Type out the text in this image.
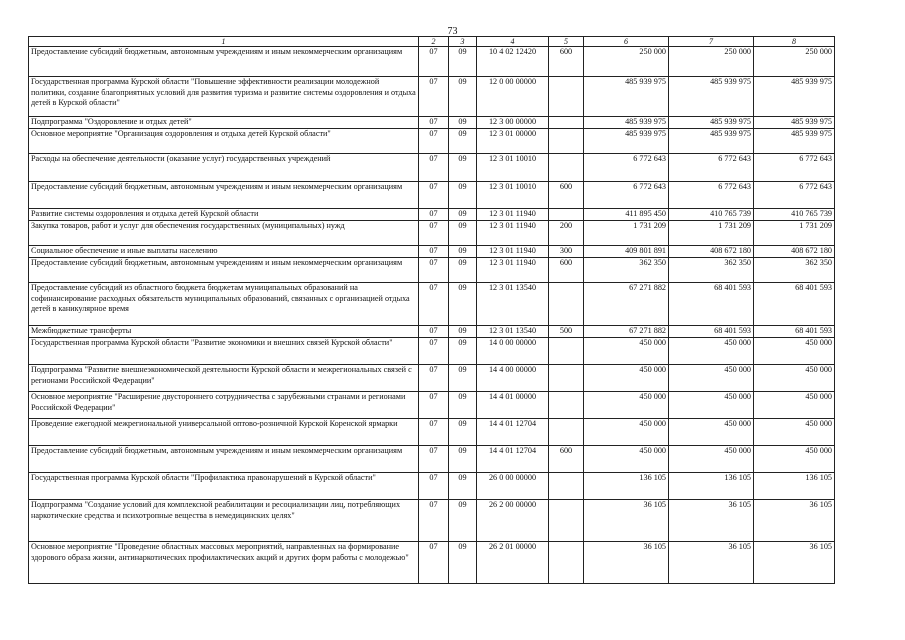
73
1	2	3	4	5	6	7	8
Предоставление субсидий бюджетным, автономным учреждениям и иным некоммерческим организациям	07	09	10 4 02 12420	600	250 000	250 000	250 000
Государственная программа Курской области "Повышение эффективности реализации молодежной политики, создание благоприятных условий для развития туризма и развитие системы оздоровления и отдыха детей в Курской области"	07	09	12 0 00 00000		485 939 975	485 939 975	485 939 975
Подпрограмма "Оздоровление и отдых детей"	07	09	12 3 00 00000		485 939 975	485 939 975	485 939 975
Основное мероприятие "Организация оздоровления и отдыха детей Курской области"	07	09	12 3 01 00000		485 939 975	485 939 975	485 939 975
Расходы на обеспечение деятельности (оказание услуг) государственных учреждений	07	09	12 3 01 10010		6 772 643	6 772 643	6 772 643
Предоставление субсидий бюджетным, автономным учреждениям и иным некоммерческим организациям	07	09	12 3 01 10010	600	6 772 643	6 772 643	6 772 643
Развитие системы оздоровления и отдыха детей Курской области	07	09	12 3 01 11940		411 895 450	410 765 739	410 765 739
Закупка товаров, работ и услуг для обеспечения государственных (муниципальных) нужд	07	09	12 3 01 11940	200	1 731 209	1 731 209	1 731 209
Социальное обеспечение и иные выплаты населению	07	09	12 3 01 11940	300	409 801 891	408 672 180	408 672 180
Предоставление субсидий бюджетным, автономным учреждениям и иным некоммерческим организациям	07	09	12 3 01 11940	600	362 350	362 350	362 350
Предоставление субсидий из областного бюджета бюджетам муниципальных образований на софинансирование расходных обязательств муниципальных образований, связанных с организацией отдыха детей в каникулярное время	07	09	12 3 01 13540		67 271 882	68 401 593	68 401 593
Межбюджетные трансферты	07	09	12 3 01 13540	500	67 271 882	68 401 593	68 401 593
Государственная программа Курской области "Развитие экономики и внешних связей Курской области"	07	09	14 0 00 00000		450 000	450 000	450 000
Подпрограмма "Развитие внешнеэкономической деятельности Курской области и межрегиональных связей с регионами Российской Федерации"	07	09	14 4 00 00000		450 000	450 000	450 000
Основное мероприятие "Расширение двустороннего сотрудничества с зарубежными странами и регионами Российской Федерации"	07	09	14 4 01 00000		450 000	450 000	450 000
Проведение ежегодной межрегиональной универсальной оптово-розничной Курской Коренской ярмарки	07	09	14 4 01 12704		450 000	450 000	450 000
Предоставление субсидий бюджетным, автономным учреждениям и иным некоммерческим организациям	07	09	14 4 01 12704	600	450 000	450 000	450 000
Государственная программа Курской области "Профилактика правонарушений в Курской области"	07	09	26 0 00 00000		136 105	136 105	136 105
Подпрограмма "Создание условий для комплексной реабилитации и ресоциализации лиц, потребляющих наркотические средства и психотропные вещества в немедицинских целях"	07	09	26 2 00 00000		36 105	36 105	36 105
Основное мероприятие "Проведение областных массовых мероприятий, направленных на формирование здорового образа жизни, антинаркотических профилактических акций и других форм работы с молодежью"	07	09	26 2 01 00000		36 105	36 105	36 105
